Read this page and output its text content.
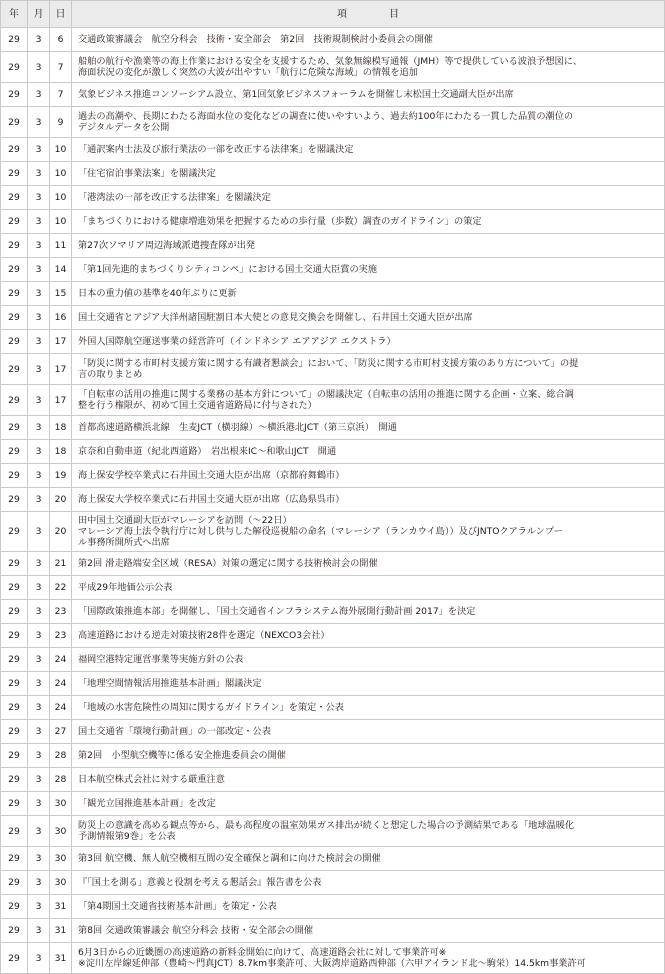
年	月	日	項目
29	3	6	交通政策審議会　航空分科会　技術・安全部会　第2回　技術規制検討小委員会の開催

29	3	7	船舶の航行や漁業等の海上作業における安全を支援するため、気象無線模写通報（JMH）等で提供している波浪予想図に、
海面状況の変化が激しく突然の大波が出やすい「航行に危険な海域」の情報を追加

29	3	7	気象ビジネス推進コンソーシアム設立、第1回気象ビジネスフォーラムを開催し末松国土交通副大臣が出席

29	3	9	過去の高潮や、長期にわたる海面水位の変化などの調査に使いやすいよう、過去約100年にわたる一貫した品質の潮位の
デジタルデータを公開

29	3	10	「通訳案内士法及び旅行業法の一部を改正する法律案」を閣議決定

29	3	10	「住宅宿泊事業法案」を閣議決定

29	3	10	「港湾法の一部を改正する法律案」を閣議決定

29	3	10	「まちづくりにおける健康増進効果を把握するための歩行量（歩数）調査のガイドライン」の策定

29	3	11	第27次ソマリア周辺海域派遣捜査隊が出発

29	3	14	「第1回先進的まちづくりシティコンペ」における国土交通大臣賞の実施

29	3	15	日本の重力値の基準を40年ぶりに更新

29	3	16	国土交通省とアジア大洋州諸国駐割日本大使との意見交換会を開催し、石井国土交通大臣が出席

29	3	17	外国人国際航空運送事業の経営許可（インドネシア エアアジア エクストラ）

29	3	17	「防災に関する市町村支援方策に関する有識者懇談会」において、「防災に関する市町村支援方策のあり方について」の提
言の取りまとめ

29	3	17	「自転車の活用の推進に関する業務の基本方針について」の閣議決定（自転車の活用の推進に関する企画・立案、総合調
整を行う権限が、初めて国土交通省道路局に付与された）

29	3	18	首都高速道路横浜北線　生麦JCT（横羽線）～横浜港北JCT（第三京浜）　開通

29	3	18	京奈和自動車道（紀北西道路）　岩出根来IC～和歌山JCT　開通

29	3	19	海上保安学校卒業式に石井国土交通大臣が出席（京都府舞鶴市）

29	3	20	海上保安大学校卒業式に石井国土交通大臣が出席（広島県呉市）

29	3	20	田中国土交通副大臣がマレーシアを訪問（～22日）
マレーシア海上法令執行庁に対し供与した解役巡視船の命名（マレーシア（ランカウイ島））及びJNTOクアラルンプー
ル事務所開所式へ出席

29	3	21	第2回 滑走路端安全区域（RESA）対策の選定に関する技術検討会の開催

29	3	22	平成29年地価公示公表

29	3	23	「国際政策推進本部」を開催し、「国土交通省インフラシステム海外展開行動計画 2017」を決定

29	3	23	高速道路における逆走対策技術28件を選定（NEXCO3会社）

29	3	24	福岡空港特定運営事業等実施方針の公表

29	3	24	「地理空間情報活用推進基本計画」閣議決定

29	3	24	「地域の水害危険性の周知に関するガイドライン」を策定・公表

29	3	27	国土交通省「環境行動計画」の一部改定・公表

29	3	28	第2回　小型航空機等に係る安全推進委員会の開催

29	3	28	日本航空株式会社に対する厳重注意

29	3	30	「観光立国推進基本計画」を改定

29	3	30	防災上の意識を高める観点等から、最も高程度の温室効果ガス排出が続くと想定した場合の予測結果である「地球温暖化
予測情報第9巻」を公表

29	3	30	第3回 航空機、無人航空機相互間の安全確保と調和に向けた検討会の開催

29	3	30	『「国土を測る」意義と役割を考える懇話会』報告書を公表

29	3	31	「第4期国土交通省技術基本計画」を策定・公表

29	3	31	第8回 交通政策審議会 航空分科会 技術・安全部会の開催

29	3	31	6月3日からの近畿圏の高速道路の新料金開始に向けて、高速道路会社に対して事業許可※
※淀川左岸線延伸部（豊崎～門真JCT）8.7km事業許可、大阪湾岸道路西伸部（六甲アイランド北～駒栄）14.5km事業許可
